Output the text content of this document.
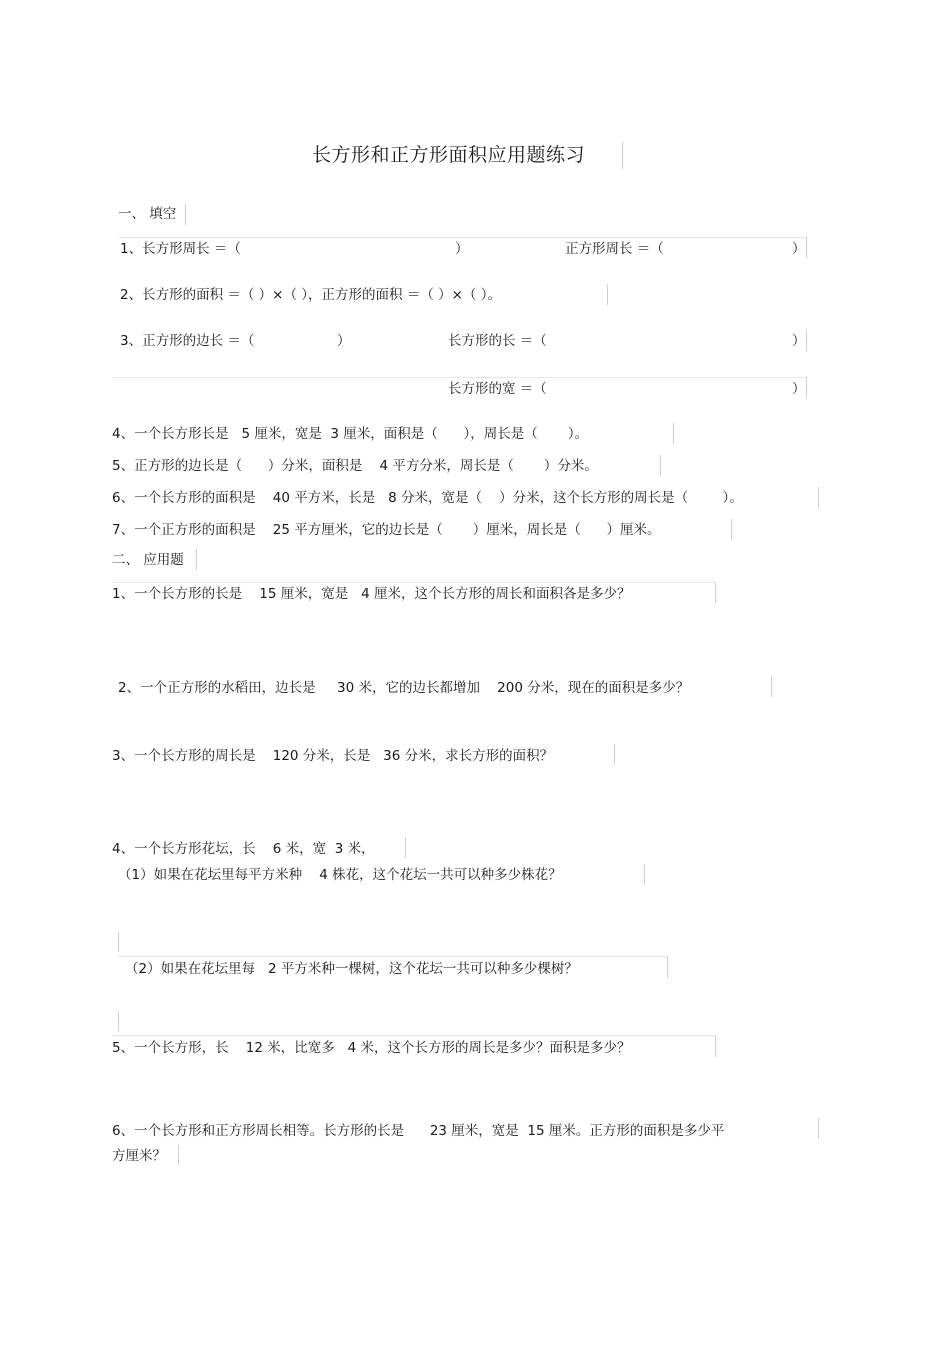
长方形和正方形面积应用题练习
一、 填空
1、长方形周长 ＝（	）	正方形周长 ＝（	）
2、长方形的面积 ＝（ ）×（ ），正方形的面积 ＝（ ）×（ ）。
3、正方形的边长 ＝（	）	长方形的长 ＝（	）
长方形的宽 ＝（	）
4、一个长方形长是   5 厘米，宽是  3 厘米，面积是（      ），周长是（       ）。
5、正方形的边长是（      ）分米，面积是    4 平方分米，周长是（       ）分米。
6、一个长方形的面积是    40 平方米，长是   8 分米，宽是（    ）分米，这个长方形的周长是（        ）。
7、一个正方形的面积是    25 平方厘米，它的边长是（       ）厘米，周长是（      ）厘米。
二、 应用题
1、一个长方形的长是    15 厘米，宽是   4 厘米，这个长方形的周长和面积各是多少？
2、一个正方形的水稻田，边长是     30 米，它的边长都增加    200 分米，现在的面积是多少？
3、一个长方形的周长是    120 分米，长是   36 分米，求长方形的面积？
4、一个长方形花坛，长    6 米，宽  3 米，
（1）如果在花坛里每平方米种    4 株花，这个花坛一共可以种多少株花？
（2）如果在花坛里每   2 平方米种一棵树，这个花坛一共可以种多少棵树？
5、一个长方形，长    12 米，比宽多   4 米，这个长方形的周长是多少？面积是多少？
6、一个长方形和正方形周长相等。长方形的长是      23 厘米，宽是  15 厘米。正方形的面积是多少平
方厘米？
